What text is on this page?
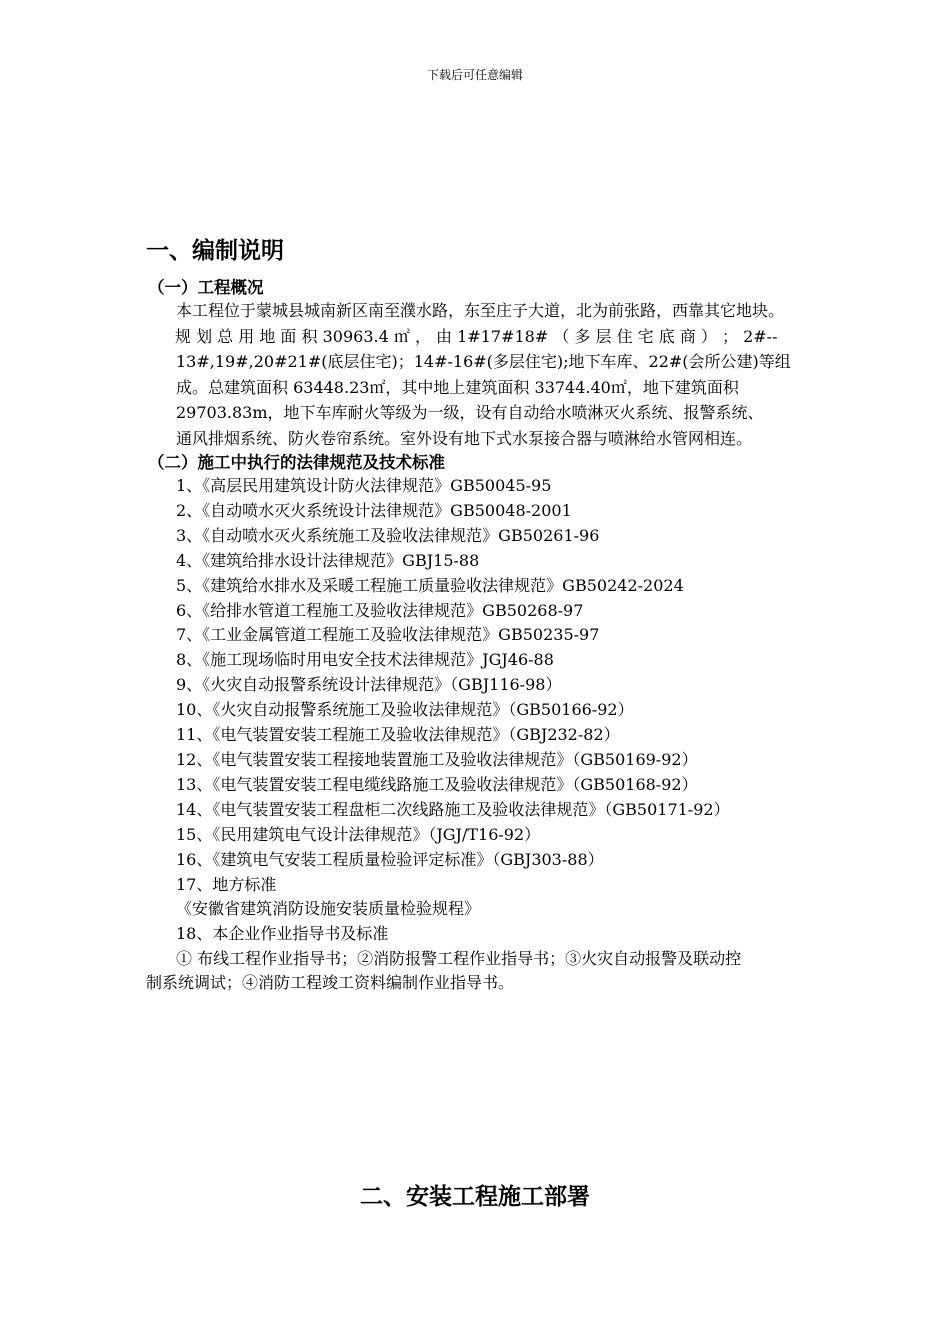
下载后可任意编辑
一、编制说明
（一）工程概况

本工程位于蒙城县城南新区南至濮水路，东至庄子大道，北为前张路，西靠其它地块。
规 划 总 用 地 面 积 30963.4 ㎡ ， 由 1#17#18# （ 多 层 住 宅 底 商 ） ； 2#--
13#,19#,20#21#(底层住宅)；14#-16#(多层住宅);地下车库、22#(会所公建)等组
成。总建筑面积 63448.23㎡，其中地上建筑面积 33744.40㎡，地下建筑面积
29703.83m，地下车库耐火等级为一级，设有自动给水喷淋灭火系统、报警系统、
通风排烟系统、防火卷帘系统。室外设有地下式水泵接合器与喷淋给水管网相连。

（二）施工中执行的法律规范及技术标准
1、《高层民用建筑设计防火法律规范》GB50045-95
2、《自动喷水灭火系统设计法律规范》GB50048-2001
3、《自动喷水灭火系统施工及验收法律规范》GB50261-96
4、《建筑给排水设计法律规范》GBJ15-88
5、《建筑给水排水及采暖工程施工质量验收法律规范》GB50242-2024
6、《给排水管道工程施工及验收法律规范》GB50268-97
7、《工业金属管道工程施工及验收法律规范》GB50235-97
8、《施工现场临时用电安全技术法律规范》JGJ46-88
9、《火灾自动报警系统设计法律规范》（GBJ116-98）
10、《火灾自动报警系统施工及验收法律规范》（GB50166-92）
11、《电气装置安装工程施工及验收法律规范》（GBJ232-82）
12、《电气装置安装工程接地装置施工及验收法律规范》（GB50169-92）
13、《电气装置安装工程电缆线路施工及验收法律规范》（GB50168-92）
14、《电气装置安装工程盘柜二次线路施工及验收法律规范》（GB50171-92）
15、《民用建筑电气设计法律规范》（JGJ/T16-92）
16、《建筑电气安装工程质量检验评定标准》（GBJ303-88）
17、地方标准
《安徽省建筑消防设施安装质量检验规程》
18、本企业作业指导书及标准

① 布线工程作业指导书；②消防报警工程作业指导书；③火灾自动报警及联动控
制系统调试；④消防工程竣工资料编制作业指导书。

二、安装工程施工部署
